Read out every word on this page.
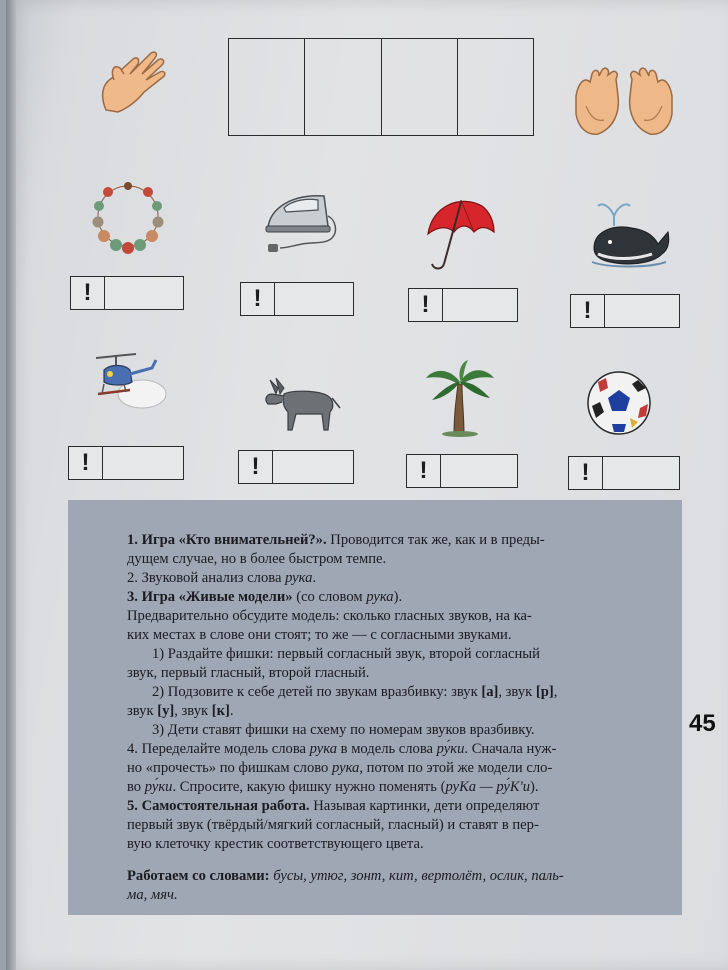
!	!	!	!
!	!	!	!

1. Игра «Кто внимательней?». Проводится так же, как и в преды-

дущем случае, но в более быстром темпе.

2. Звуковой анализ слова рука.

3. Игра «Живые модели» (со словом рука).

Предварительно обсудите модель: сколько гласных звуков, на ка-

ких местах в слове они стоят; то же — с согласными звуками.

1) Раздайте фишки: первый согласный звук, второй согласный

звук, первый гласный, второй гласный.

2) Подзовите к себе детей по звукам вразбивку: звук [а], звук [р],

звук [у], звук [к].

3) Дети ставят фишки на схему по номерам звуков вразбивку.

4. Переделайте модель слова рука в модель слова ру́ки. Сначала нуж-

но «прочесть» по фишкам слово рука, потом по этой же модели сло-

во ру́ки. Спросите, какую фишку нужно поменять (руКа — ру́К'и).

5. Самостоятельная работа. Называя картинки, дети определяют

первый звук (твёрдый/мягкий согласный, гласный) и ставят в пер-

вую клеточку крестик соответствующего цвета.

Работаем со словами: бусы, утюг, зонт, кит, вертолёт, ослик, паль-

ма, мяч.

45
